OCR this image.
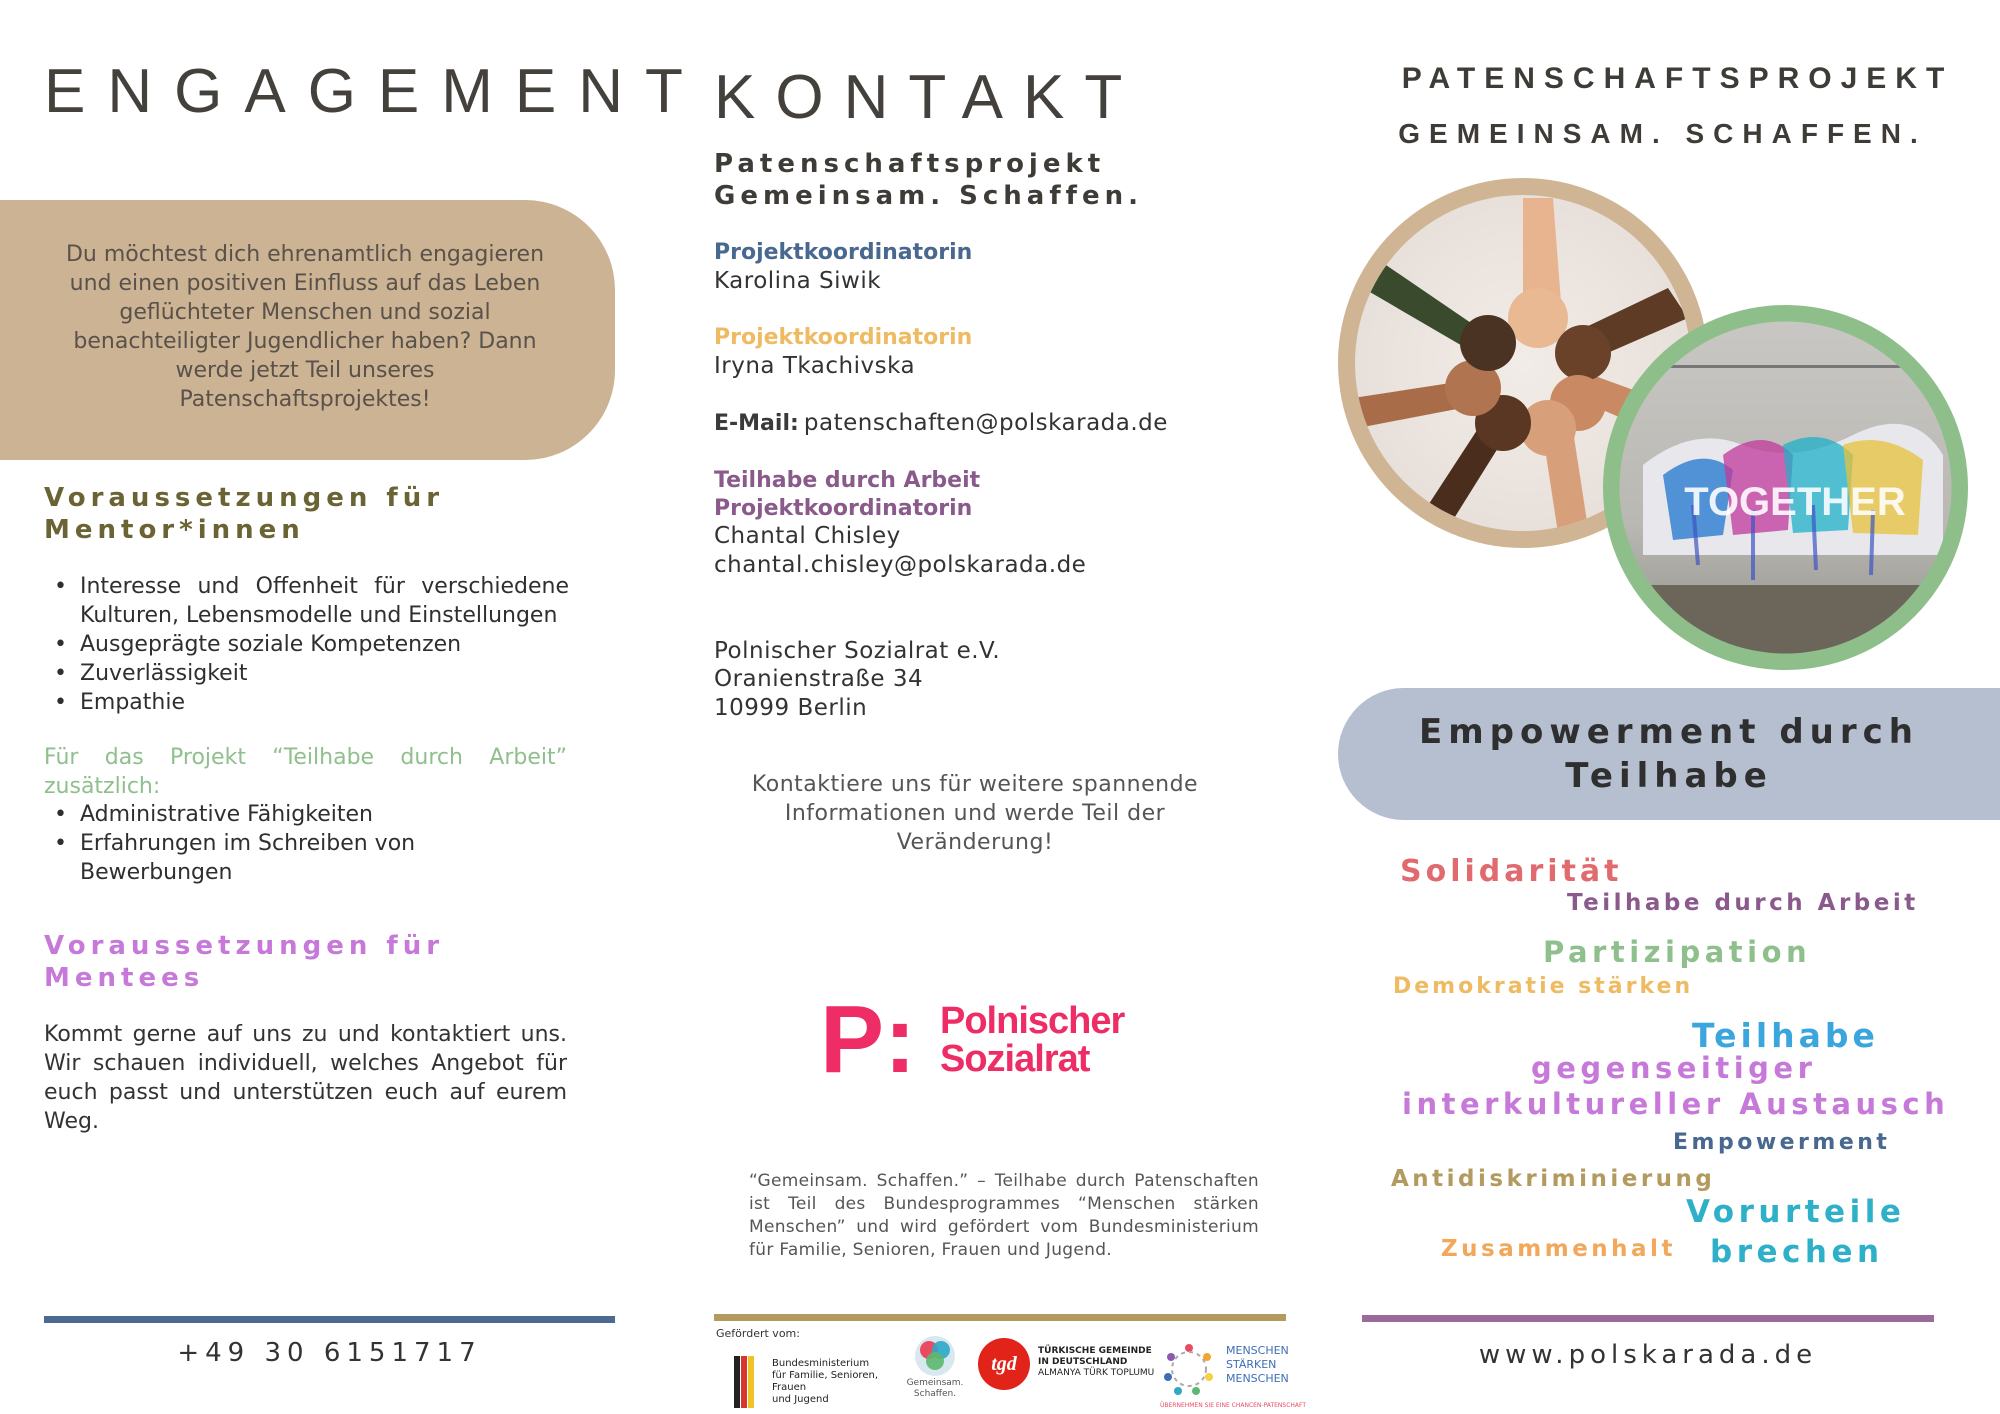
ENGAGEMENT
Du möchtest dich ehrenamtlich engagieren und einen positiven Einfluss auf das Leben geflüchteter Menschen und sozial benachteiligter Jugendlicher haben? Dann werde jetzt Teil unseres Patenschaftsprojektes!
Voraussetzungen für
Mentor*innen
• Interesse und Offenheit für verschiedene Kulturen, Lebensmodelle und Einstellungen
• Ausgeprägte soziale Kompetenzen
• Zuverlässigkeit
• Empathie
Für das Projekt “Teilhabe durch Arbeit” zusätzlich:
• Administrative Fähigkeiten
• Erfahrungen im Schreiben von Bewerbungen
Voraussetzungen für
Mentees
Kommt gerne auf uns zu und kontaktiert uns. Wir schauen individuell, welches Angebot für euch passt und unterstützen euch auf eurem Weg.
+49 30 6151717
KONTAKT
Patenschaftsprojekt
Gemeinsam. Schaffen.
Projektkoordinatorin
Karolina Siwik
Projektkoordinatorin
Iryna Tkachivska
E-Mail: patenschaften@polskarada.de
Teilhabe durch Arbeit
Projektkoordinatorin
Chantal Chisley
chantal.chisley@polskarada.de
Polnischer Sozialrat e.V.
Oranienstraße 34
10999 Berlin
Kontaktiere uns für weitere spannende Informationen und werde Teil der Veränderung!
P: Polnischer
Sozialrat
“Gemeinsam. Schaffen.” – Teilhabe durch Patenschaften ist Teil des Bundesprogrammes “Menschen stärken Menschen” und wird gefördert vom Bundesministerium für Familie, Senioren, Frauen und Jugend.
Gefördert vom:
Bundesministerium
für Familie, Senioren, Frauen
und Jugend
Gemeinsam.
Schaffen.
tgd
TÜRKISCHE GEMEINDE
IN DEUTSCHLAND
ALMANYA TÜRK TOPLUMU
MENSCHEN
STÄRKEN
MENSCHEN
ÜBERNEHMEN SIE EINE CHANCEN-PATENSCHAFT
PATENSCHAFTSPROJEKT
GEMEINSAM. SCHAFFEN.
TOGETHER
Empowerment durch
Teilhabe
Solidarität
Teilhabe durch Arbeit
Partizipation
Demokratie stärken
Teilhabe
gegenseitiger
interkultureller Austausch
Empowerment
Antidiskriminierung
Vorurteile
Zusammenhalt brechen
www.polskarada.de
